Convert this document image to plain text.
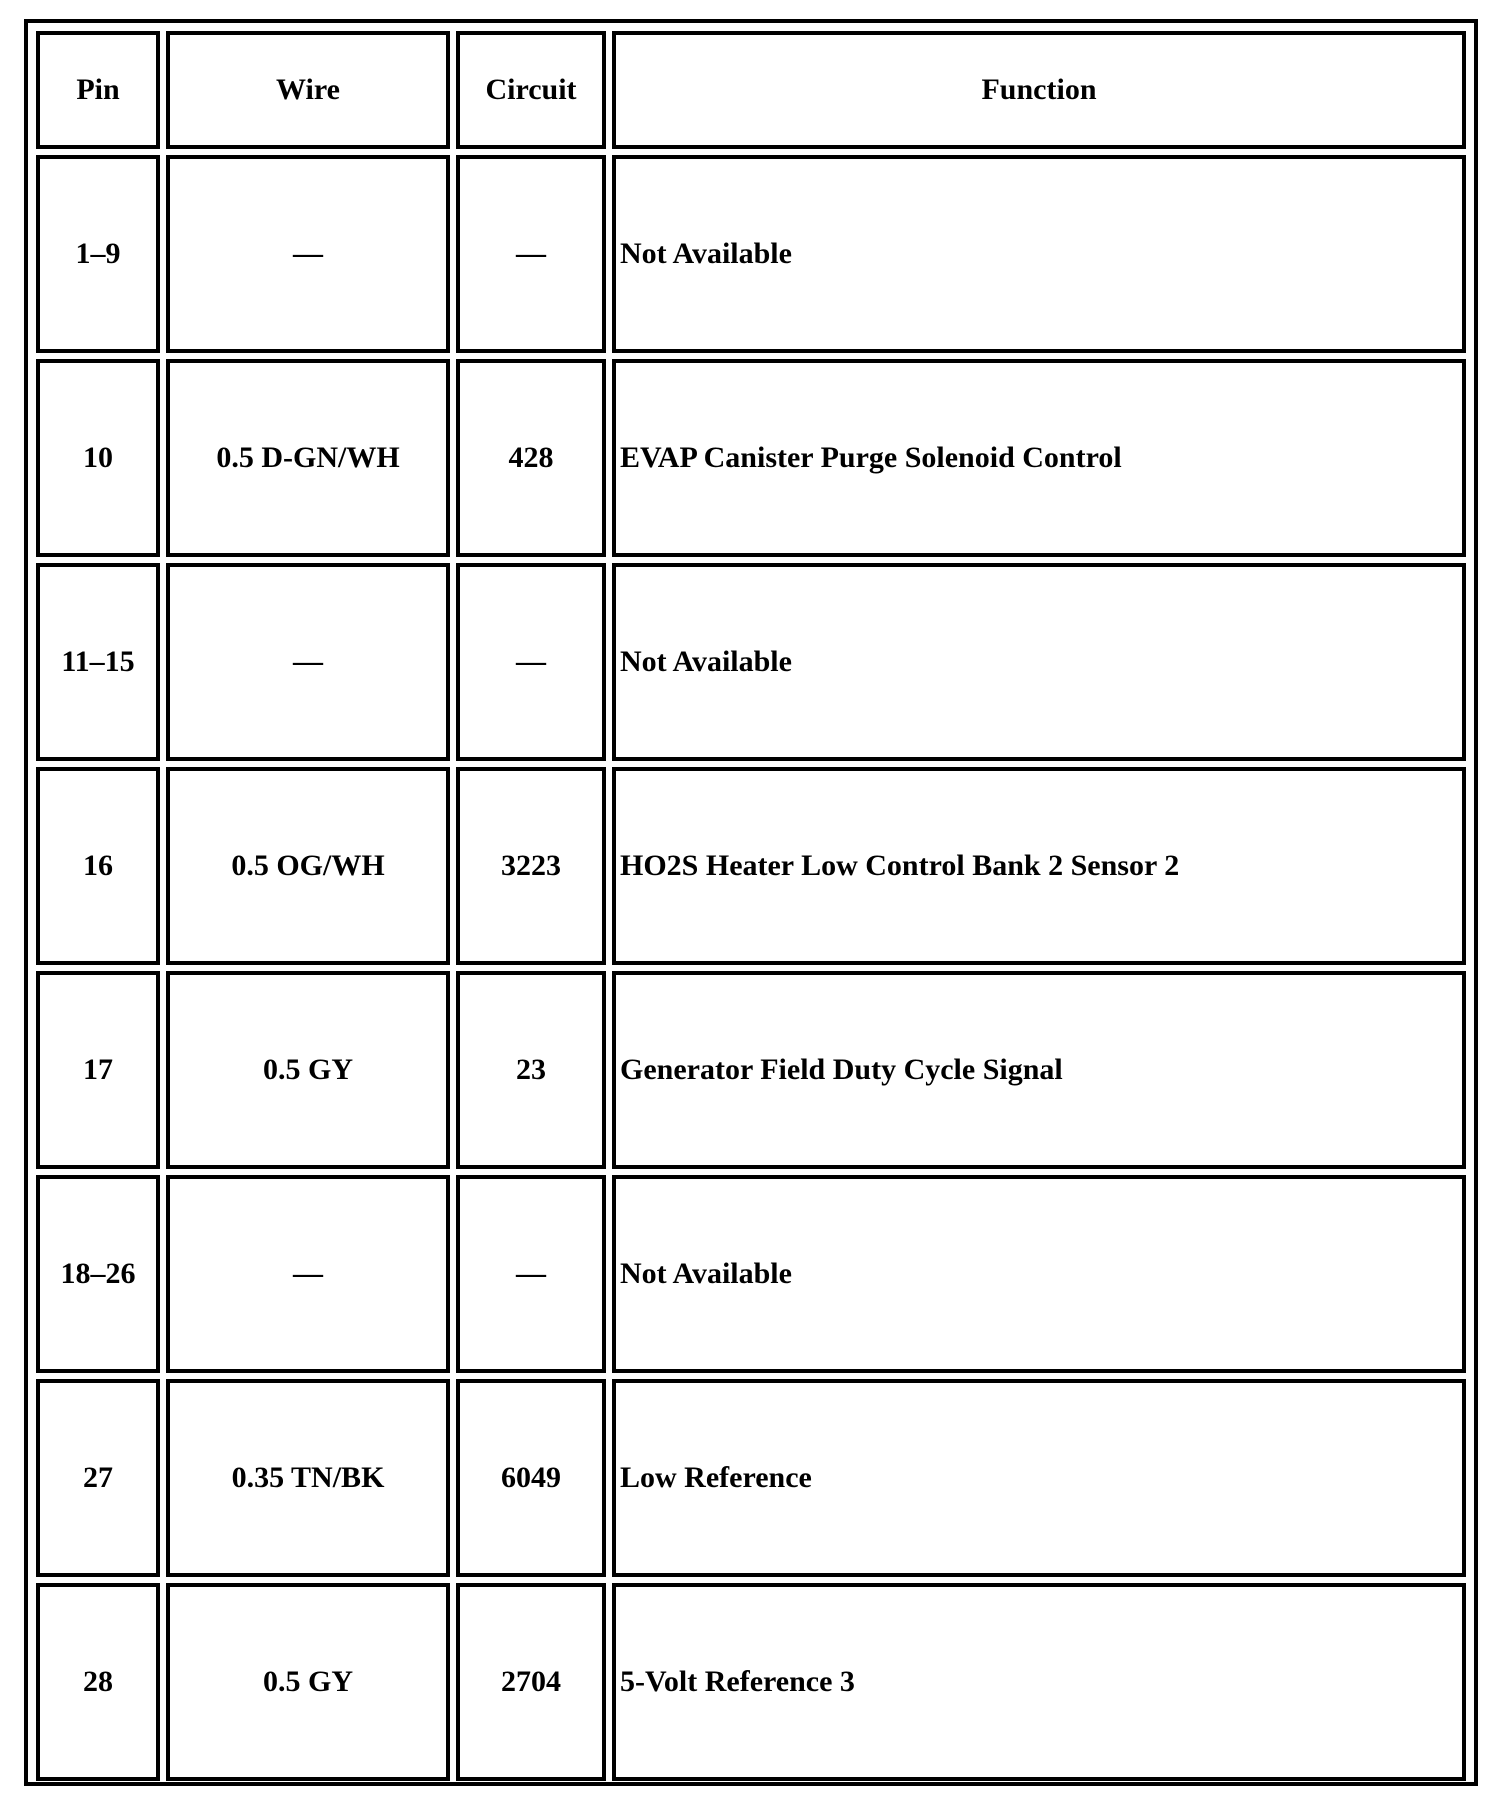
Pin	Wire	Circuit	Function
1–9	—	—	Not Available
10	0.5 D-GN/WH	428	EVAP Canister Purge Solenoid Control
11–15	—	—	Not Available
16	0.5 OG/WH	3223	HO2S Heater Low Control Bank 2 Sensor 2
17	0.5 GY	23	Generator Field Duty Cycle Signal
18–26	—	—	Not Available
27	0.35 TN/BK	6049	Low Reference
28	0.5 GY	2704	5-Volt Reference 3
